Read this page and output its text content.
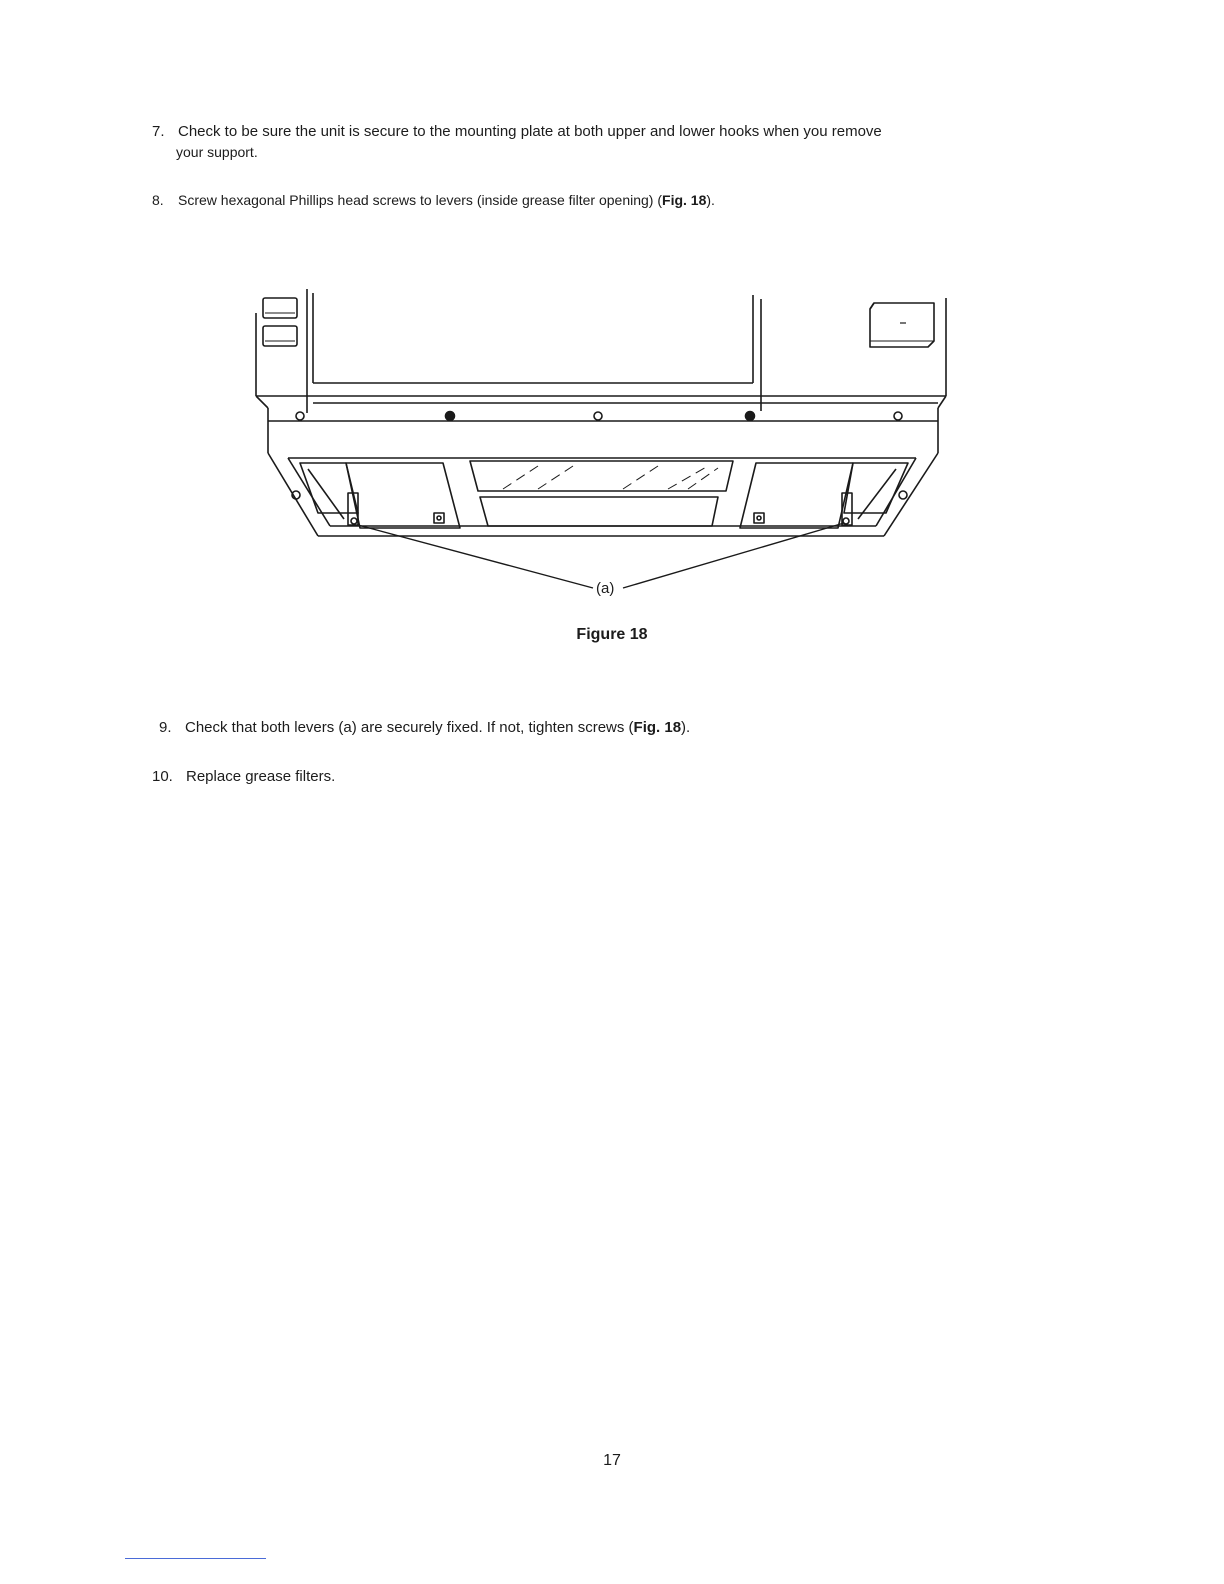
7. Check to be sure the unit is secure to the mounting plate at both upper and lower hooks when you remove
your support.
8. Screw hexagonal Phillips head screws to levers (inside grease filter opening) (Fig. 18).
(a)
Figure 18
9. Check that both levers (a) are securely fixed. If not, tighten screws (Fig. 18).
10. Replace grease filters.
17
